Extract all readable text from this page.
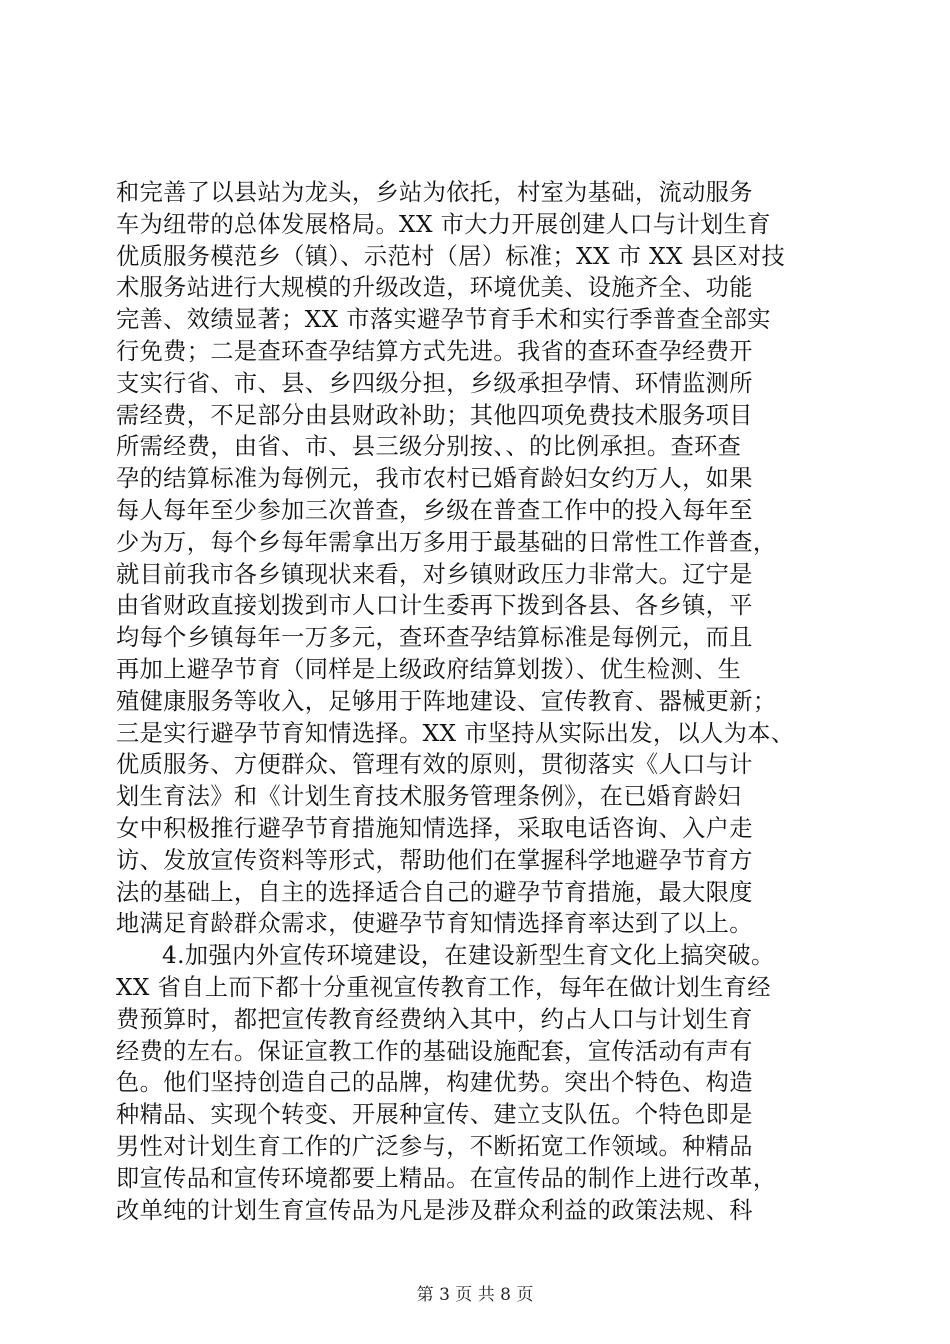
和完善了以县站为龙头，乡站为依托，村室为基础，流动服务
车为纽带的总体发展格局。XX 市大力开展创建人口与计划生育
优质服务模范乡（镇）、示范村（居）标准；XX 市 XX 县区对技
术服务站进行大规模的升级改造，环境优美、设施齐全、功能
完善、效绩显著；XX 市落实避孕节育手术和实行季普查全部实
行免费；二是查环查孕结算方式先进。我省的查环查孕经费开
支实行省、市、县、乡四级分担，乡级承担孕情、环情监测所
需经费，不足部分由县财政补助；其他四项免费技术服务项目
所需经费，由省、市、县三级分别按、、的比例承担。查环查
孕的结算标准为每例元，我市农村已婚育龄妇女约万人，如果
每人每年至少参加三次普查，乡级在普查工作中的投入每年至
少为万，每个乡每年需拿出万多用于最基础的日常性工作普查，
就目前我市各乡镇现状来看，对乡镇财政压力非常大。辽宁是
由省财政直接划拨到市人口计生委再下拨到各县、各乡镇，平
均每个乡镇每年一万多元，查环查孕结算标准是每例元，而且
再加上避孕节育（同样是上级政府结算划拨）、优生检测、生
殖健康服务等收入，足够用于阵地建设、宣传教育、器械更新；
三是实行避孕节育知情选择。XX 市坚持从实际出发，以人为本、
优质服务、方便群众、管理有效的原则，贯彻落实《人口与计
划生育法》和《计划生育技术服务管理条例》，在已婚育龄妇
女中积极推行避孕节育措施知情选择，采取电话咨询、入户走
访、发放宣传资料等形式，帮助他们在掌握科学地避孕节育方
法的基础上，自主的选择适合自己的避孕节育措施，最大限度
地满足育龄群众需求，使避孕节育知情选择育率达到了以上。
4.加强内外宣传环境建设，在建设新型生育文化上搞突破。
XX 省自上而下都十分重视宣传教育工作，每年在做计划生育经
费预算时，都把宣传教育经费纳入其中，约占人口与计划生育
经费的左右。保证宣教工作的基础设施配套，宣传活动有声有
色。他们坚持创造自己的品牌，构建优势。突出个特色、构造
种精品、实现个转变、开展种宣传、建立支队伍。个特色即是
男性对计划生育工作的广泛参与，不断拓宽工作领域。种精品
即宣传品和宣传环境都要上精品。在宣传品的制作上进行改革，
改单纯的计划生育宣传品为凡是涉及群众利益的政策法规、科
第 3 页 共 8 页
